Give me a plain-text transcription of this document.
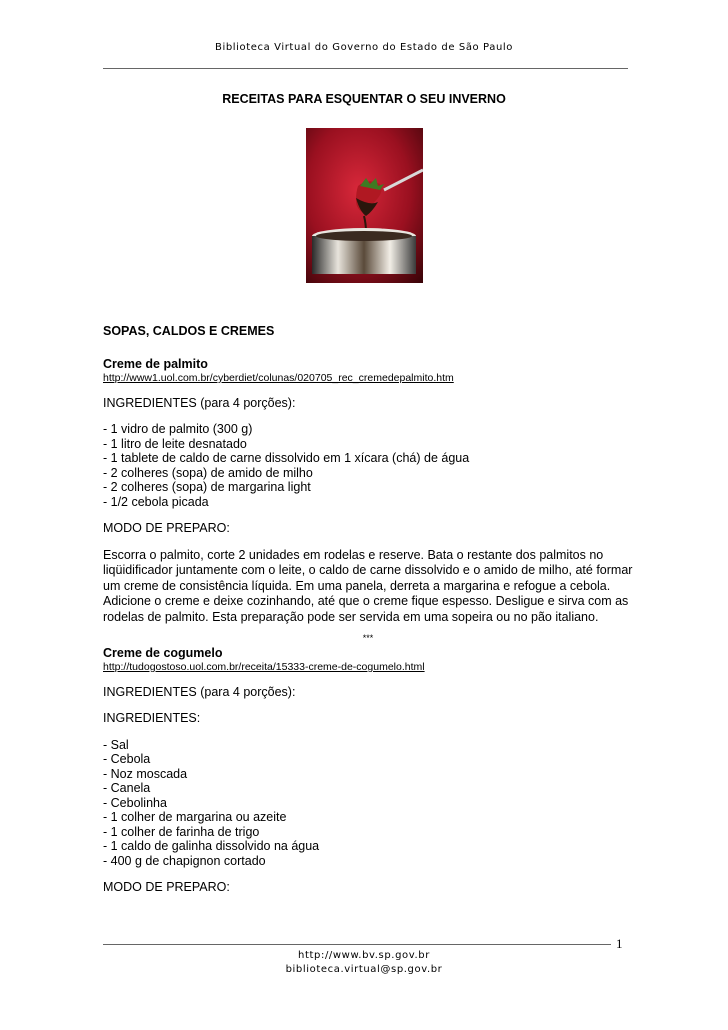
Biblioteca Virtual do Governo do Estado de São Paulo
RECEITAS PARA ESQUENTAR O SEU INVERNO

SOPAS, CALDOS E CREMES

Creme de palmito

http://www1.uol.com.br/cyberdiet/colunas/020705_rec_cremedepalmito.htm

INGREDIENTES (para 4 porções):

- 1 vidro de palmito (300 g)
- 1 litro de leite desnatado
- 1 tablete de caldo de carne dissolvido em 1 xícara (chá) de água
- 2 colheres (sopa) de amido de milho
- 2 colheres (sopa) de margarina light
- 1/2 cebola picada

MODO DE PREPARO:

Escorra o palmito, corte 2 unidades em rodelas e reserve. Bata o restante dos palmitos no liqüidificador juntamente com o leite, o caldo de carne dissolvido e o amido de milho, até formar um creme de consistência líquida. Em uma panela, derreta a margarina e refogue a cebola. Adicione o creme e deixe cozinhando, até que o creme fique espesso. Desligue e sirva com as rodelas de palmito. Esta preparação pode ser servida em uma sopeira ou no pão italiano.

***

Creme de cogumelo

http://tudogostoso.uol.com.br/receita/15333-creme-de-cogumelo.html

INGREDIENTES (para 4 porções):

INGREDIENTES:

- Sal
- Cebola
- Noz moscada
- Canela
- Cebolinha
- 1 colher de margarina ou azeite
- 1 colher de farinha de trigo
- 1 caldo de galinha dissolvido na água
- 400 g de chapignon cortado

MODO DE PREPARO:

1
http://www.bv.sp.gov.br
biblioteca.virtual@sp.gov.br
